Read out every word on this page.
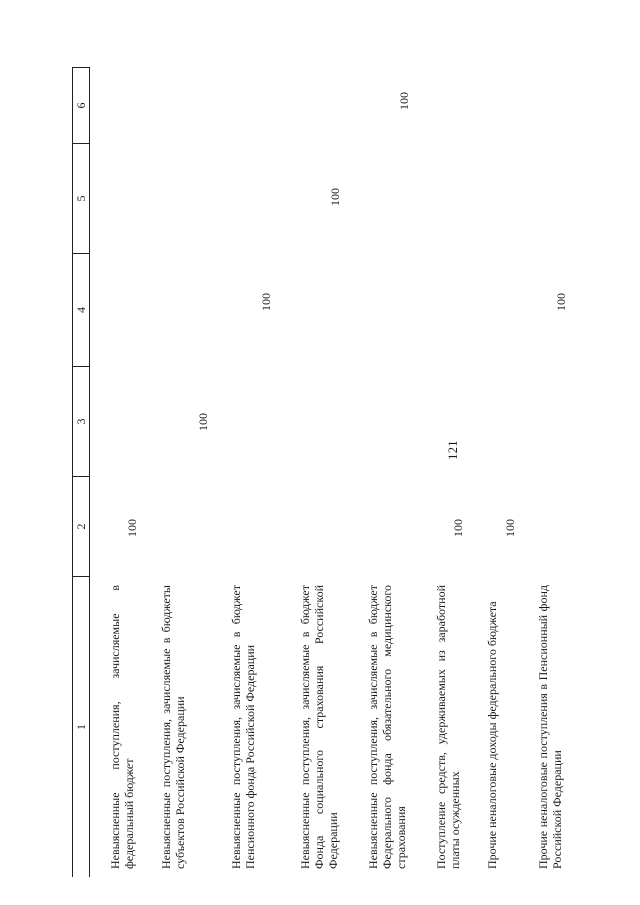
121
1
2
3
4
5
6
Невыясненные поступления, зачисляемые в федеральный бюджет
100
Невыясненные поступления, зачисляемые в бюджеты субъектов Российской Федерации
100
Невыясненные поступления, зачисляемые в бюджет Пенсионного фонда Российской Федерации
100
Невыясненные поступления, зачисляемые в бюджет Фонда социального страхования Российской Федерации
100
Невыясненные поступления, зачисляемые в бюджет Федерального фонда обязательного медицинского страхования
100
Поступление средств, удерживаемых из заработной платы осужденных
100
Прочие неналоговые доходы федерального бюджета
100
Прочие неналоговые поступления в Пенсионный фонд Российской Федерации
100
